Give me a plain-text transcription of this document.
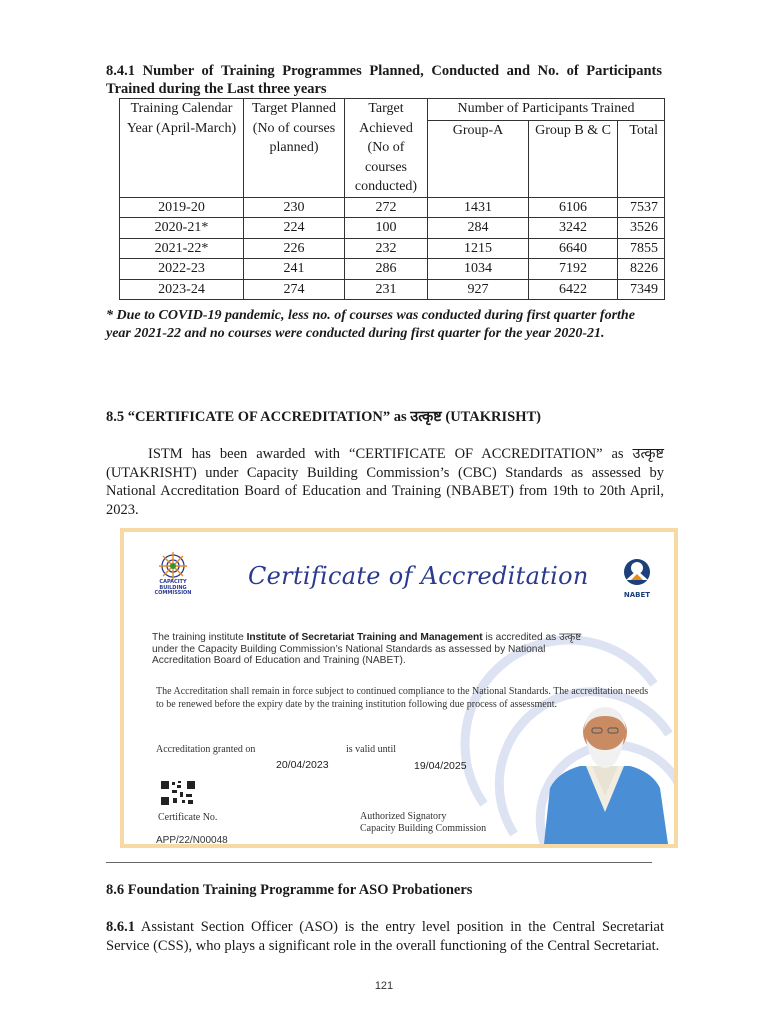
8.4.1 Number of Training Programmes Planned, Conducted and No. of Participants Trained during the Last three years
Training Calendar Year (April-March)	Target Planned (No of courses planned)	Target Achieved (No of courses conducted)	Number of Participants Trained		
			Group-A	Group B & C	Total
2019-20	230	272	1431	6106	7537
2020-21*	224	100	284	3242	3526
2021-22*	226	232	1215	6640	7855
2022-23	241	286	1034	7192	8226
2023-24	274	231	927	6422	7349
* Due to COVID-19 pandemic, less no. of courses was conducted during first quarter forthe year 2021-22 and no courses were conducted during first quarter for the year 2020-21.
8.5 “CERTIFICATE OF ACCREDITATION” as उत्कृष्ट (UTAKRISHT)
ISTM has been awarded with “CERTIFICATE OF ACCREDITATION” as उत्कृष्ट (UTAKRISHT) under Capacity Building Commission’s (CBC) Standards as assessed by National Accreditation Board of Education and Training (NBABET) from 19th to 20th April, 2023.
CAPACITY BUILDING COMMISSION
Certificate of Accreditation
NABET
The training institute Institute of Secretariat Training and Management is accredited as उत्कृष्ट under the Capacity Building Commission’s National Standards as assessed by National Accreditation Board of Education and Training (NABET).
The Accreditation shall remain in force subject to continued compliance to the National Standards. The accreditation needs to be renewed before the expiry date by the training institution following due process of assessment.
Accreditation granted on
20/04/2023
is valid until
19/04/2025
Certificate No.	Authorized Signatory
Capacity Building Commission
APP/22/N00048
8.6 Foundation Training Programme for ASO Probationers
8.6.1 Assistant Section Officer (ASO) is the entry level position in the Central Secretariat Service (CSS), who plays a significant role in the overall functioning of the Central Secretariat.
121
